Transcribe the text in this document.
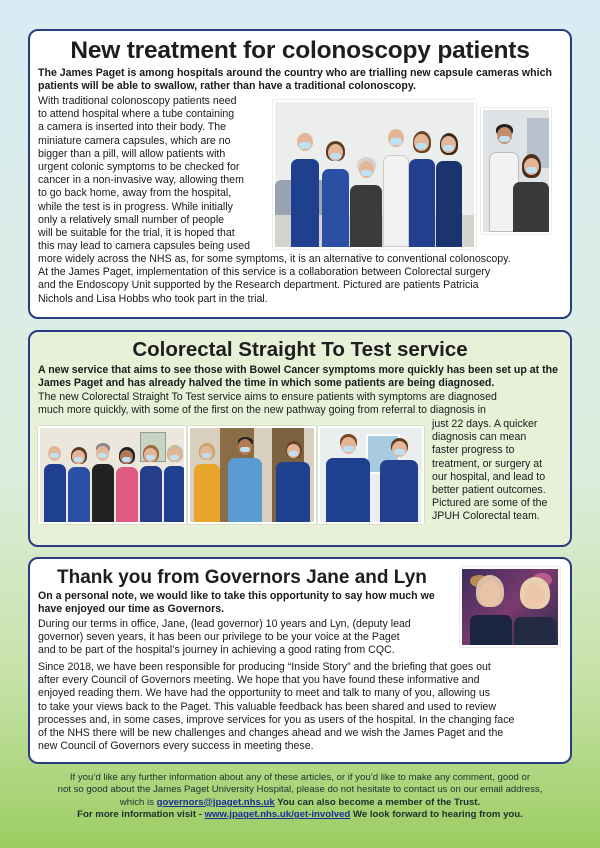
New treatment for colonoscopy patients
The James Paget is among hospitals around the country who are trialling new capsule cameras which patients will be able to swallow, rather than have a traditional colonoscopy.
With traditional colonoscopy patients need
to attend hospital where a tube containing
a camera is inserted into their body. The
miniature camera capsules, which are no
bigger than a pill, will allow patients with
urgent colonic symptoms to be checked for
cancer in a non-invasive way, allowing them
to go back home, away from the hospital,
while the test is in progress. While initially
only a relatively small number of people
will be suitable for the trial, it is hoped that
this may lead to camera capsules being used
more widely across the NHS as, for some symptoms, it is an alternative to conventional colonoscopy.
At the James Paget, implementation of this service is a collaboration between Colorectal surgery
and the Endoscopy Unit supported by the Research department. Pictured are patients Patricia
Nichols and Lisa Hobbs who took part in the trial.
Colorectal Straight To Test service
A new service that aims to see those with Bowel Cancer symptoms more quickly has been set up at the James Paget and has already halved the time in which some patients are being diagnosed.
The new Colorectal Straight To Test service aims to ensure patients with symptoms are diagnosed
much more quickly, with some of the first on the new pathway going from referral to diagnosis in
just 22 days. A quicker
diagnosis can mean
faster progress to
treatment, or surgery at
our hospital, and lead to
better patient outcomes.
Pictured are some of the
JPUH Colorectal team.
Thank you from Governors Jane and Lyn
On a personal note, we would like to take this opportunity to say how much we have enjoyed our time as Governors.
During our terms in office, Jane, (lead governor) 10 years and Lyn, (deputy lead
governor) seven years, it has been our privilege to be your voice at the Paget
and to be part of the hospital’s journey in achieving a good rating from CQC.
Since 2018, we have been responsible for producing “Inside Story” and the briefing that goes out
after every Council of Governors meeting. We hope that you have found these informative and
enjoyed reading them. We have had the opportunity to meet and talk to many of you, allowing us
to take your views back to the Paget. This valuable feedback has been shared and used to review
processes and, in some cases, improve services for you as users of the hospital. In the changing face
of the NHS there will be new challenges and changes ahead and we wish the James Paget and the
new Council of Governors every success in meeting these.
If you’d like any further information about any of these articles, or if you’d like to make any comment, good or
not so good about the James Paget University Hospital, please do not hesitate to contact us on our email address,
which is governors@jpaget.nhs.uk You can also become a member of the Trust.
For more information visit - www.jpaget.nhs.uk/get-involved We look forward to hearing from you.
